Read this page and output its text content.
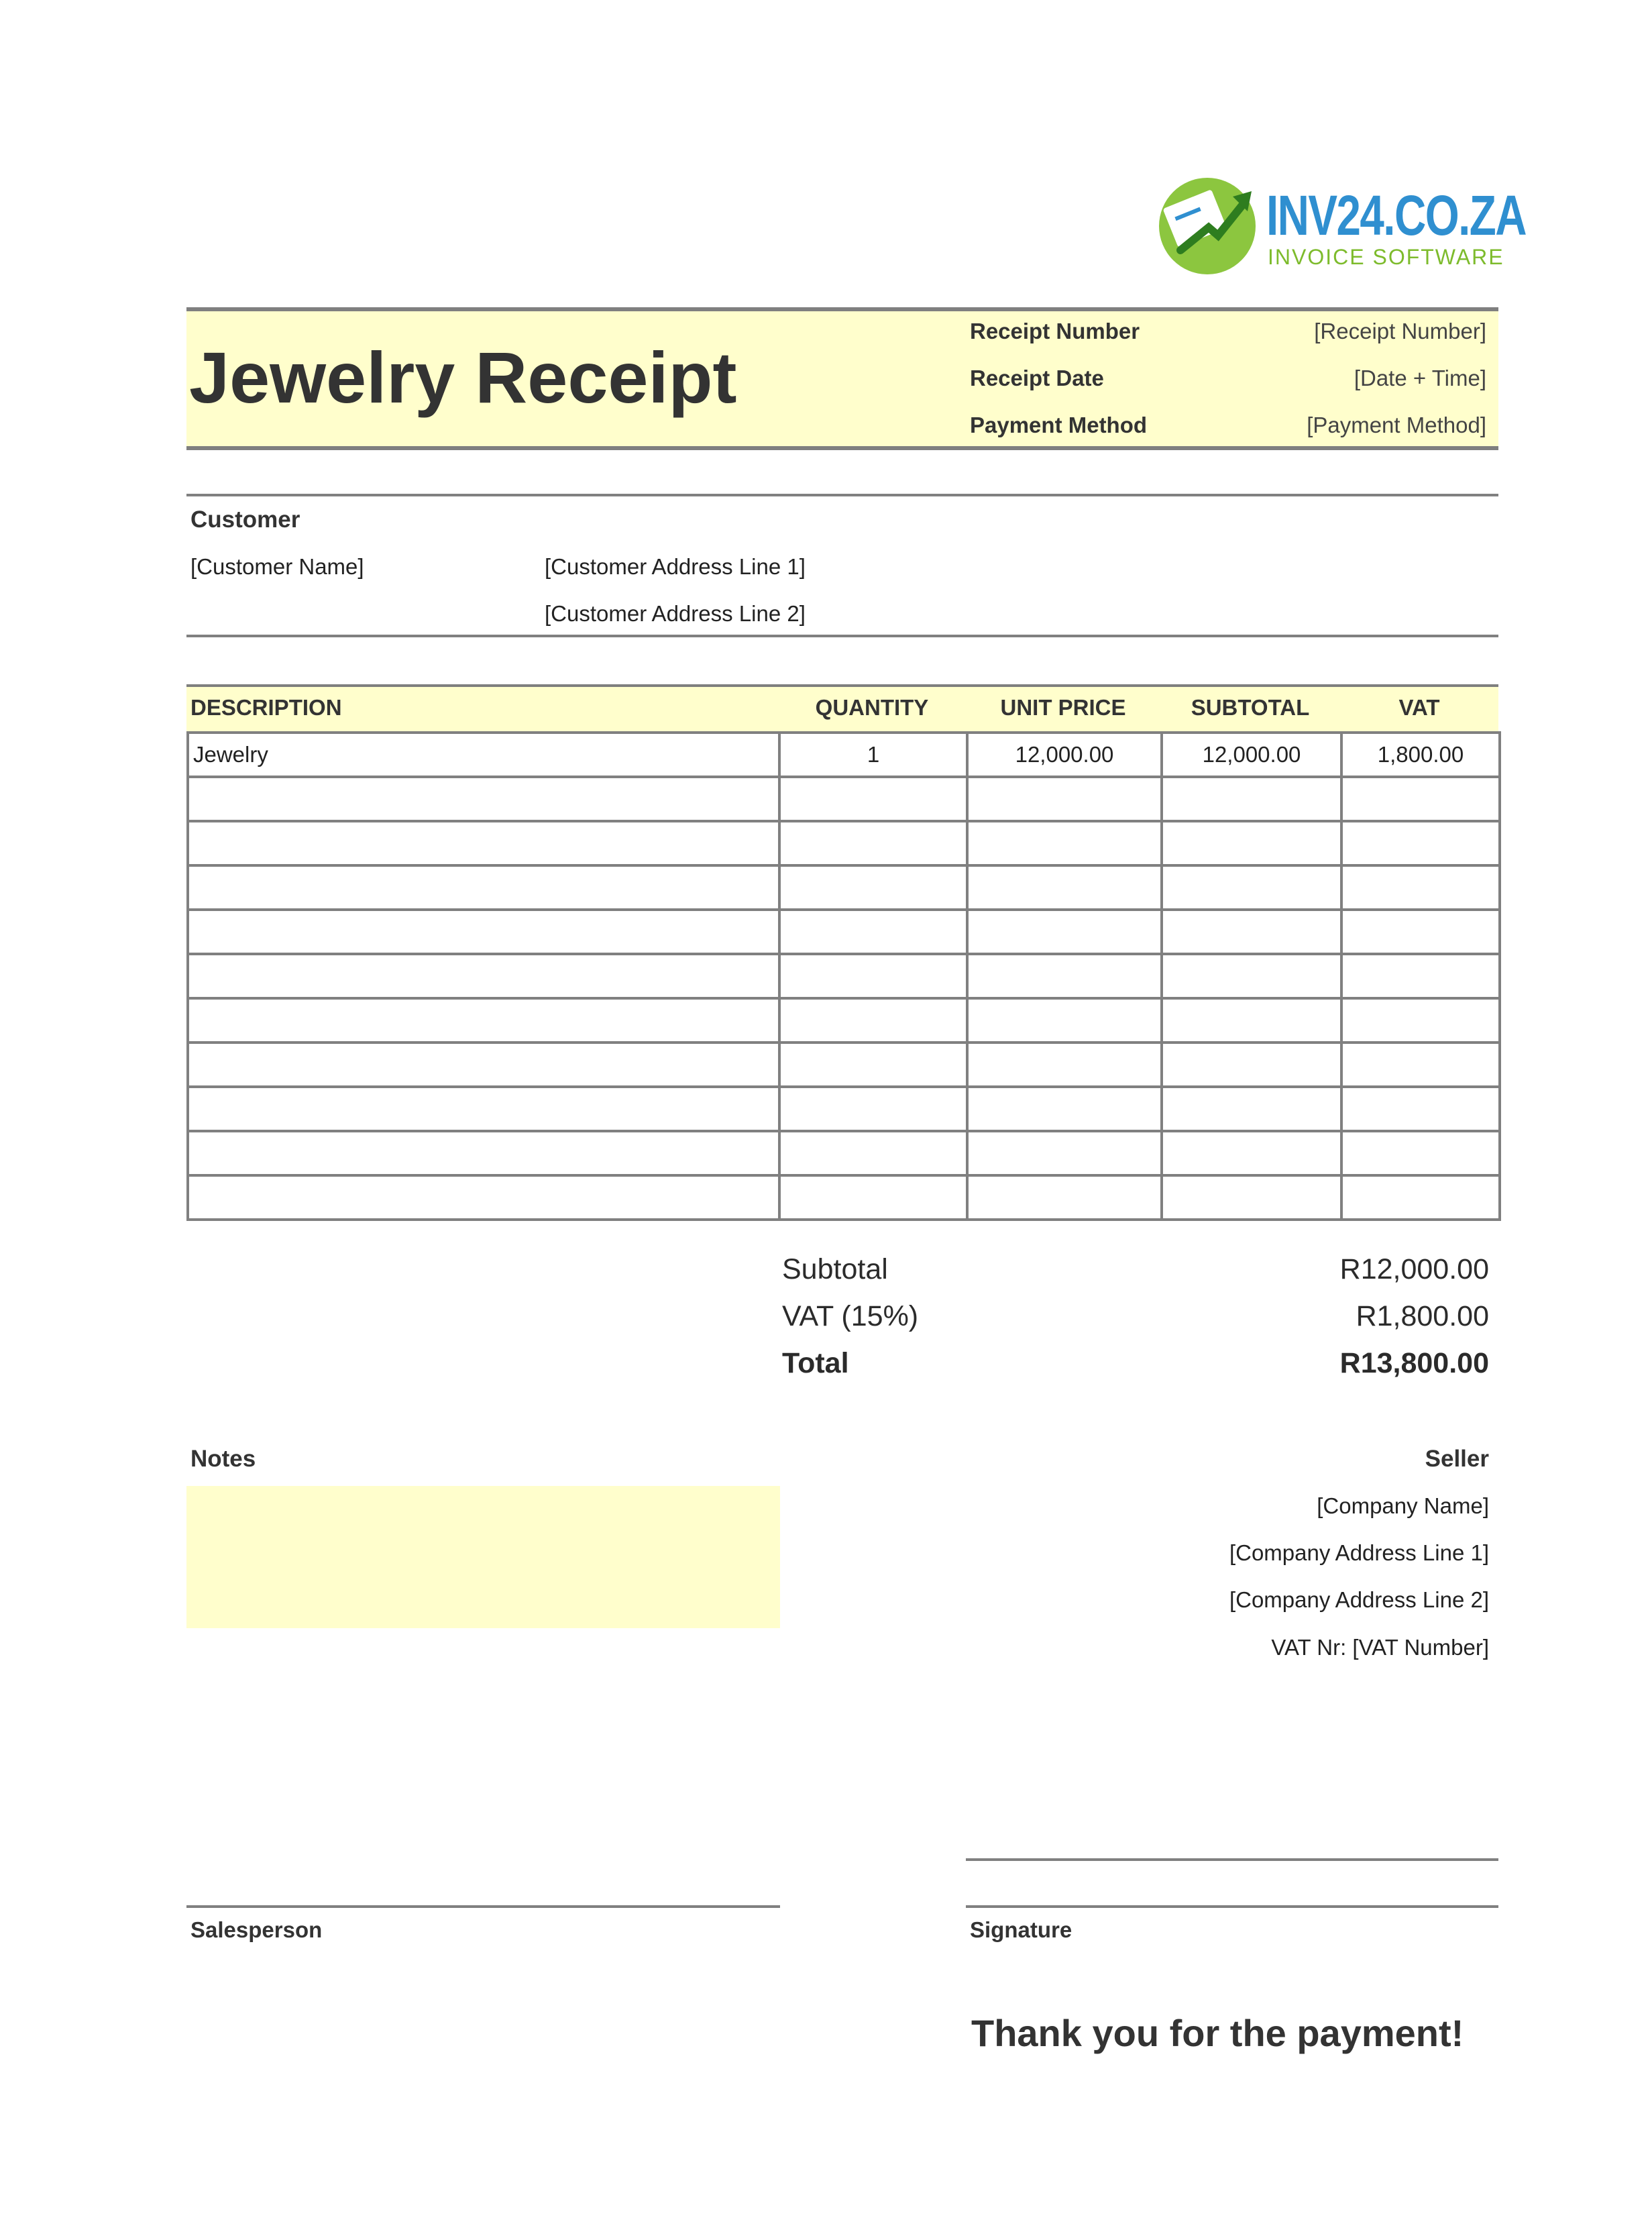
INV24.CO.ZA
INVOICE SOFTWARE
Jewelry Receipt
Receipt Number	[Receipt Number]
Receipt Date	[Date + Time]
Payment Method	[Payment Method]
Customer
[Customer Name]	[Customer Address Line 1]
[Customer Address Line 2]
DESCRIPTION	QUANTITY	UNIT PRICE	SUBTOTAL	VAT
Jewelry	1	12,000.00	12,000.00	1,800.00

Subtotal	R12,000.00
VAT (15%)	R1,800.00
Total	R13,800.00
Notes	Seller
[Company Name]
[Company Address Line 1]
[Company Address Line 2]
VAT Nr: [VAT Number]
Salesperson	Signature
Thank you for the payment!
